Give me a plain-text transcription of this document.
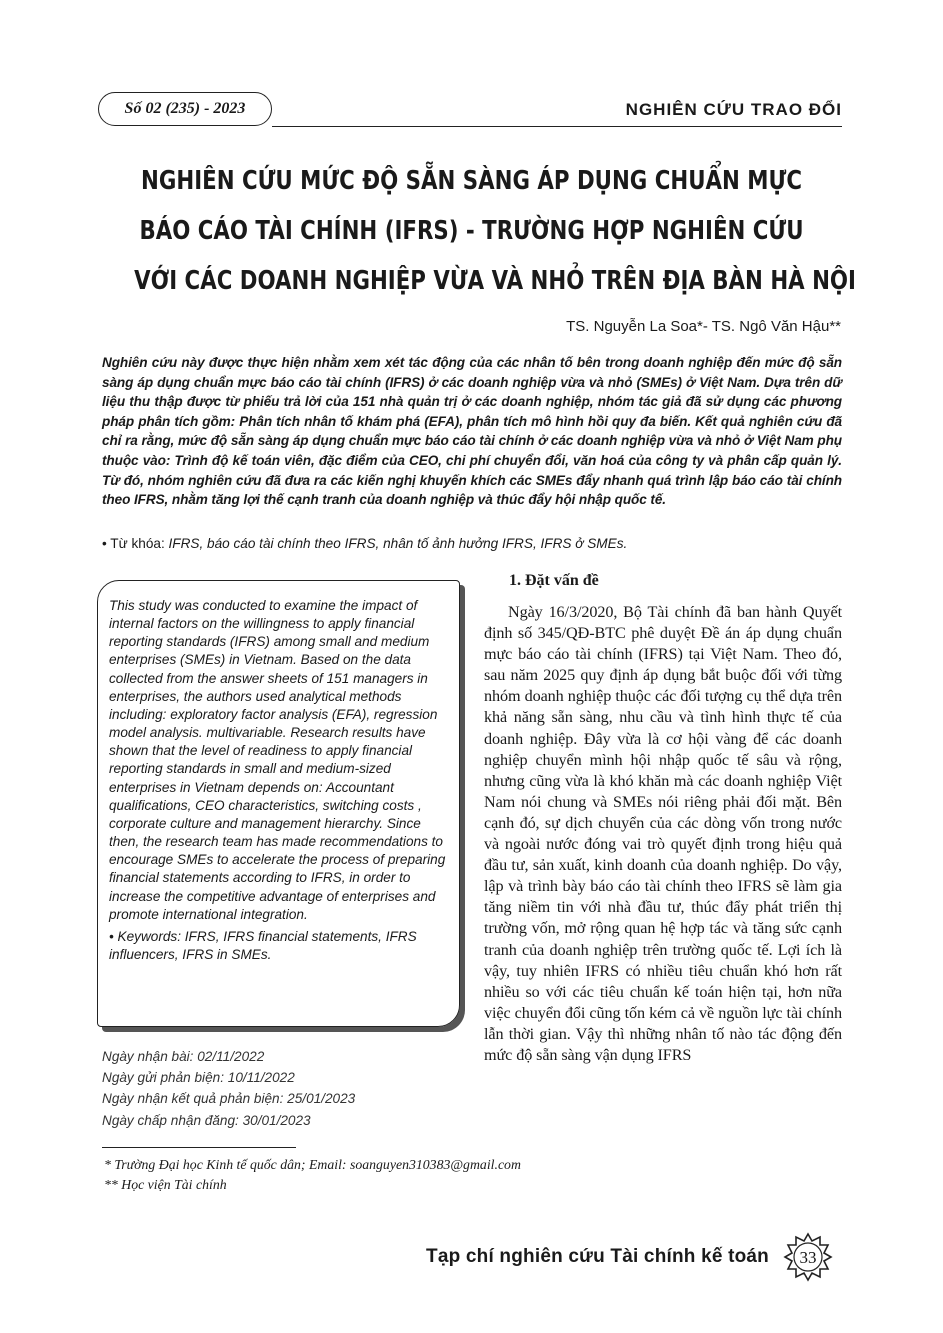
Số 02 (235) - 2023	NGHIÊN CỨU TRAO ĐỔI
NGHIÊN CỨU MỨC ĐỘ SẴN SÀNG ÁP DỤNG CHUẨN MỰC
BÁO CÁO TÀI CHÍNH (IFRS) - TRƯỜNG HỢP NGHIÊN CỨU
VỚI CÁC DOANH NGHIỆP VỪA VÀ NHỎ TRÊN ĐỊA BÀN HÀ NỘI
TS. Nguyễn La Soa*- TS. Ngô Văn Hậu**
Nghiên cứu này được thực hiện nhằm xem xét tác động của các nhân tố bên trong doanh nghiệp đến mức độ sẵn sàng áp dụng chuẩn mực báo cáo tài chính (IFRS) ở các doanh nghiệp vừa và nhỏ (SMEs) ở Việt Nam. Dựa trên dữ liệu thu thập được từ phiếu trả lời của 151 nhà quản trị ở các doanh nghiệp, nhóm tác giả đã sử dụng các phương pháp phân tích gồm: Phân tích nhân tố khám phá (EFA), phân tích mô hình hồi quy đa biến. Kết quả nghiên cứu đã chỉ ra rằng, mức độ sẵn sàng áp dụng chuẩn mực báo cáo tài chính ở các doanh nghiệp vừa và nhỏ ở Việt Nam phụ thuộc vào: Trình độ kế toán viên, đặc điểm của CEO, chi phí chuyển đổi, văn hoá của công ty và phân cấp quản lý. Từ đó, nhóm nghiên cứu đã đưa ra các kiến nghị khuyến khích các SMEs đẩy nhanh quá trình lập báo cáo tài chính theo IFRS, nhằm tăng lợi thế cạnh tranh của doanh nghiệp và thúc đẩy hội nhập quốc tế.
• Từ khóa: IFRS, báo cáo tài chính theo IFRS, nhân tố ảnh hưởng IFRS, IFRS ở SMEs.
This study was conducted to examine the impact of internal factors on the willingness to apply financial reporting standards (IFRS) among small and medium enterprises (SMEs) in Vietnam. Based on the data collected from the answer sheets of 151 managers in enterprises, the authors used analytical methods including: exploratory factor analysis (EFA), regression model analysis. multivariable. Research results have shown that the level of readiness to apply financial reporting standards in small and medium-sized enterprises in Vietnam depends on: Accountant qualifications, CEO characteristics, switching costs , corporate culture and management hierarchy. Since then, the research team has made recommendations to encourage SMEs to accelerate the process of preparing financial statements according to IFRS, in order to increase the competitive advantage of enterprises and promote international integration.
• Keywords: IFRS, IFRS financial statements, IFRS influencers, IFRS in SMEs.
Ngày nhận bài: 02/11/2022
Ngày gửi phản biện: 10/11/2022
Ngày nhận kết quả phản biện: 25/01/2023
Ngày chấp nhận đăng: 30/01/2023
* Trường Đại học Kinh tế quốc dân; Email: soanguyen310383@gmail.com
** Học viện Tài chính
1. Đặt vấn đề
Ngày 16/3/2020, Bộ Tài chính đã ban hành Quyết định số 345/QĐ-BTC phê duyệt Đề án áp dụng chuẩn mực báo cáo tài chính (IFRS) tại Việt Nam. Theo đó, sau năm 2025 quy định áp dụng bắt buộc đối với từng nhóm doanh nghiệp thuộc các đối tượng cụ thể dựa trên khả năng sẵn sàng, nhu cầu và tình hình thực tế của doanh nghiệp. Đây vừa là cơ hội vàng để các doanh nghiệp chuyển mình hội nhập quốc tế sâu và rộng, nhưng cũng vừa là khó khăn mà các doanh nghiệp Việt Nam nói chung và SMEs nói riêng phải đối mặt. Bên cạnh đó, sự dịch chuyển của các dòng vốn trong nước và ngoài nước đóng vai trò quyết định trong hiệu quả đầu tư, sản xuất, kinh doanh của doanh nghiệp. Do vậy, lập và trình bày báo cáo tài chính theo IFRS sẽ làm gia tăng niềm tin với nhà đầu tư, thúc đẩy phát triển thị trường vốn, mở rộng quan hệ hợp tác và tăng sức cạnh tranh của doanh nghiệp trên trường quốc tế. Lợi ích là vậy, tuy nhiên IFRS có nhiều tiêu chuẩn khó hơn rất nhiều so với các tiêu chuẩn kế toán hiện tại, hơn nữa việc chuyển đổi cũng tốn kém cả về nguồn lực tài chính lẫn thời gian. Vậy thì những nhân tố nào tác động đến mức độ sẵn sàng vận dụng IFRS
Tạp chí nghiên cứu Tài chính kế toán 33
